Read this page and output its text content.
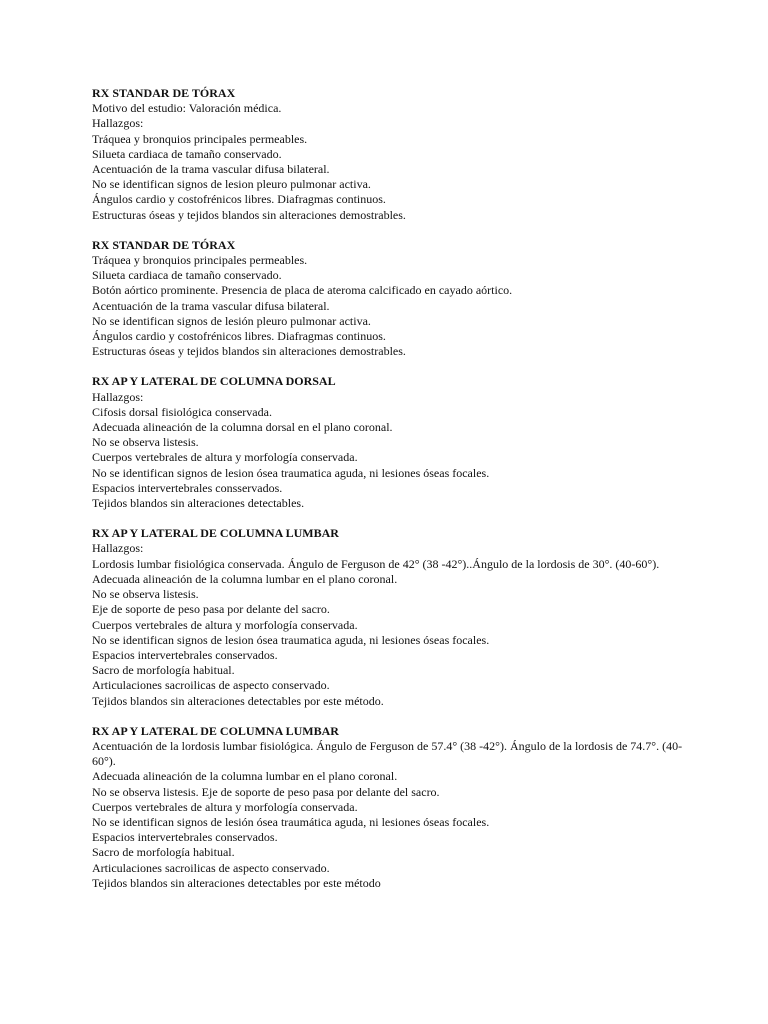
RX STANDAR DE TÓRAX
Motivo del estudio: Valoración médica.
Hallazgos:
Tráquea y bronquios principales permeables.
Silueta cardiaca de tamaño conservado.
Acentuación de la trama vascular difusa bilateral.
No se identifican signos de lesion pleuro pulmonar activa.
Ángulos cardio y costofrénicos libres. Diafragmas continuos.
Estructuras óseas y tejidos blandos sin alteraciones demostrables.
RX STANDAR DE TÓRAX
Tráquea y bronquios principales permeables.
Silueta cardiaca de tamaño conservado.
Botón aórtico prominente. Presencia de placa de ateroma calcificado en cayado aórtico.
Acentuación de la trama vascular difusa bilateral.
No se identifican signos de lesión pleuro pulmonar activa.
Ángulos cardio y costofrénicos libres. Diafragmas continuos.
Estructuras óseas y tejidos blandos sin alteraciones demostrables.
RX AP Y LATERAL DE COLUMNA DORSAL
Hallazgos:
Cifosis dorsal fisiológica conservada.
Adecuada alineación de la columna dorsal en el plano coronal.
No se observa listesis.
Cuerpos vertebrales de altura y morfología conservada.
No se identifican signos de lesion ósea traumatica aguda, ni lesiones óseas focales.
Espacios intervertebrales consservados.
Tejidos blandos sin alteraciones detectables.
RX AP Y LATERAL DE COLUMNA LUMBAR
Hallazgos:
Lordosis lumbar fisiológica conservada. Ángulo de Ferguson de 42° (38 -42°)..Ángulo de la lordosis de 30°. (40-60°).
Adecuada alineación de la columna lumbar en el plano coronal.
No se observa listesis.
Eje de soporte de peso pasa por delante del sacro.
Cuerpos vertebrales de altura y morfología conservada.
No se identifican signos de lesion ósea traumatica aguda, ni lesiones óseas focales.
Espacios intervertebrales conservados.
Sacro de morfología habitual.
Articulaciones sacroilicas de aspecto conservado.
Tejidos blandos sin alteraciones detectables por este método.
RX AP Y LATERAL DE COLUMNA LUMBAR
Acentuación de la lordosis lumbar fisiológica. Ángulo de Ferguson de 57.4° (38 -42°). Ángulo de la lordosis de 74.7°. (40-60°).
Adecuada alineación de la columna lumbar en el plano coronal.
No se observa listesis. Eje de soporte de peso pasa por delante del sacro.
Cuerpos vertebrales de altura y morfología conservada.
No se identifican signos de lesión ósea traumática aguda, ni lesiones óseas focales.
Espacios intervertebrales conservados.
Sacro de morfología habitual.
Articulaciones sacroilicas de aspecto conservado.
Tejidos blandos sin alteraciones detectables por este método
